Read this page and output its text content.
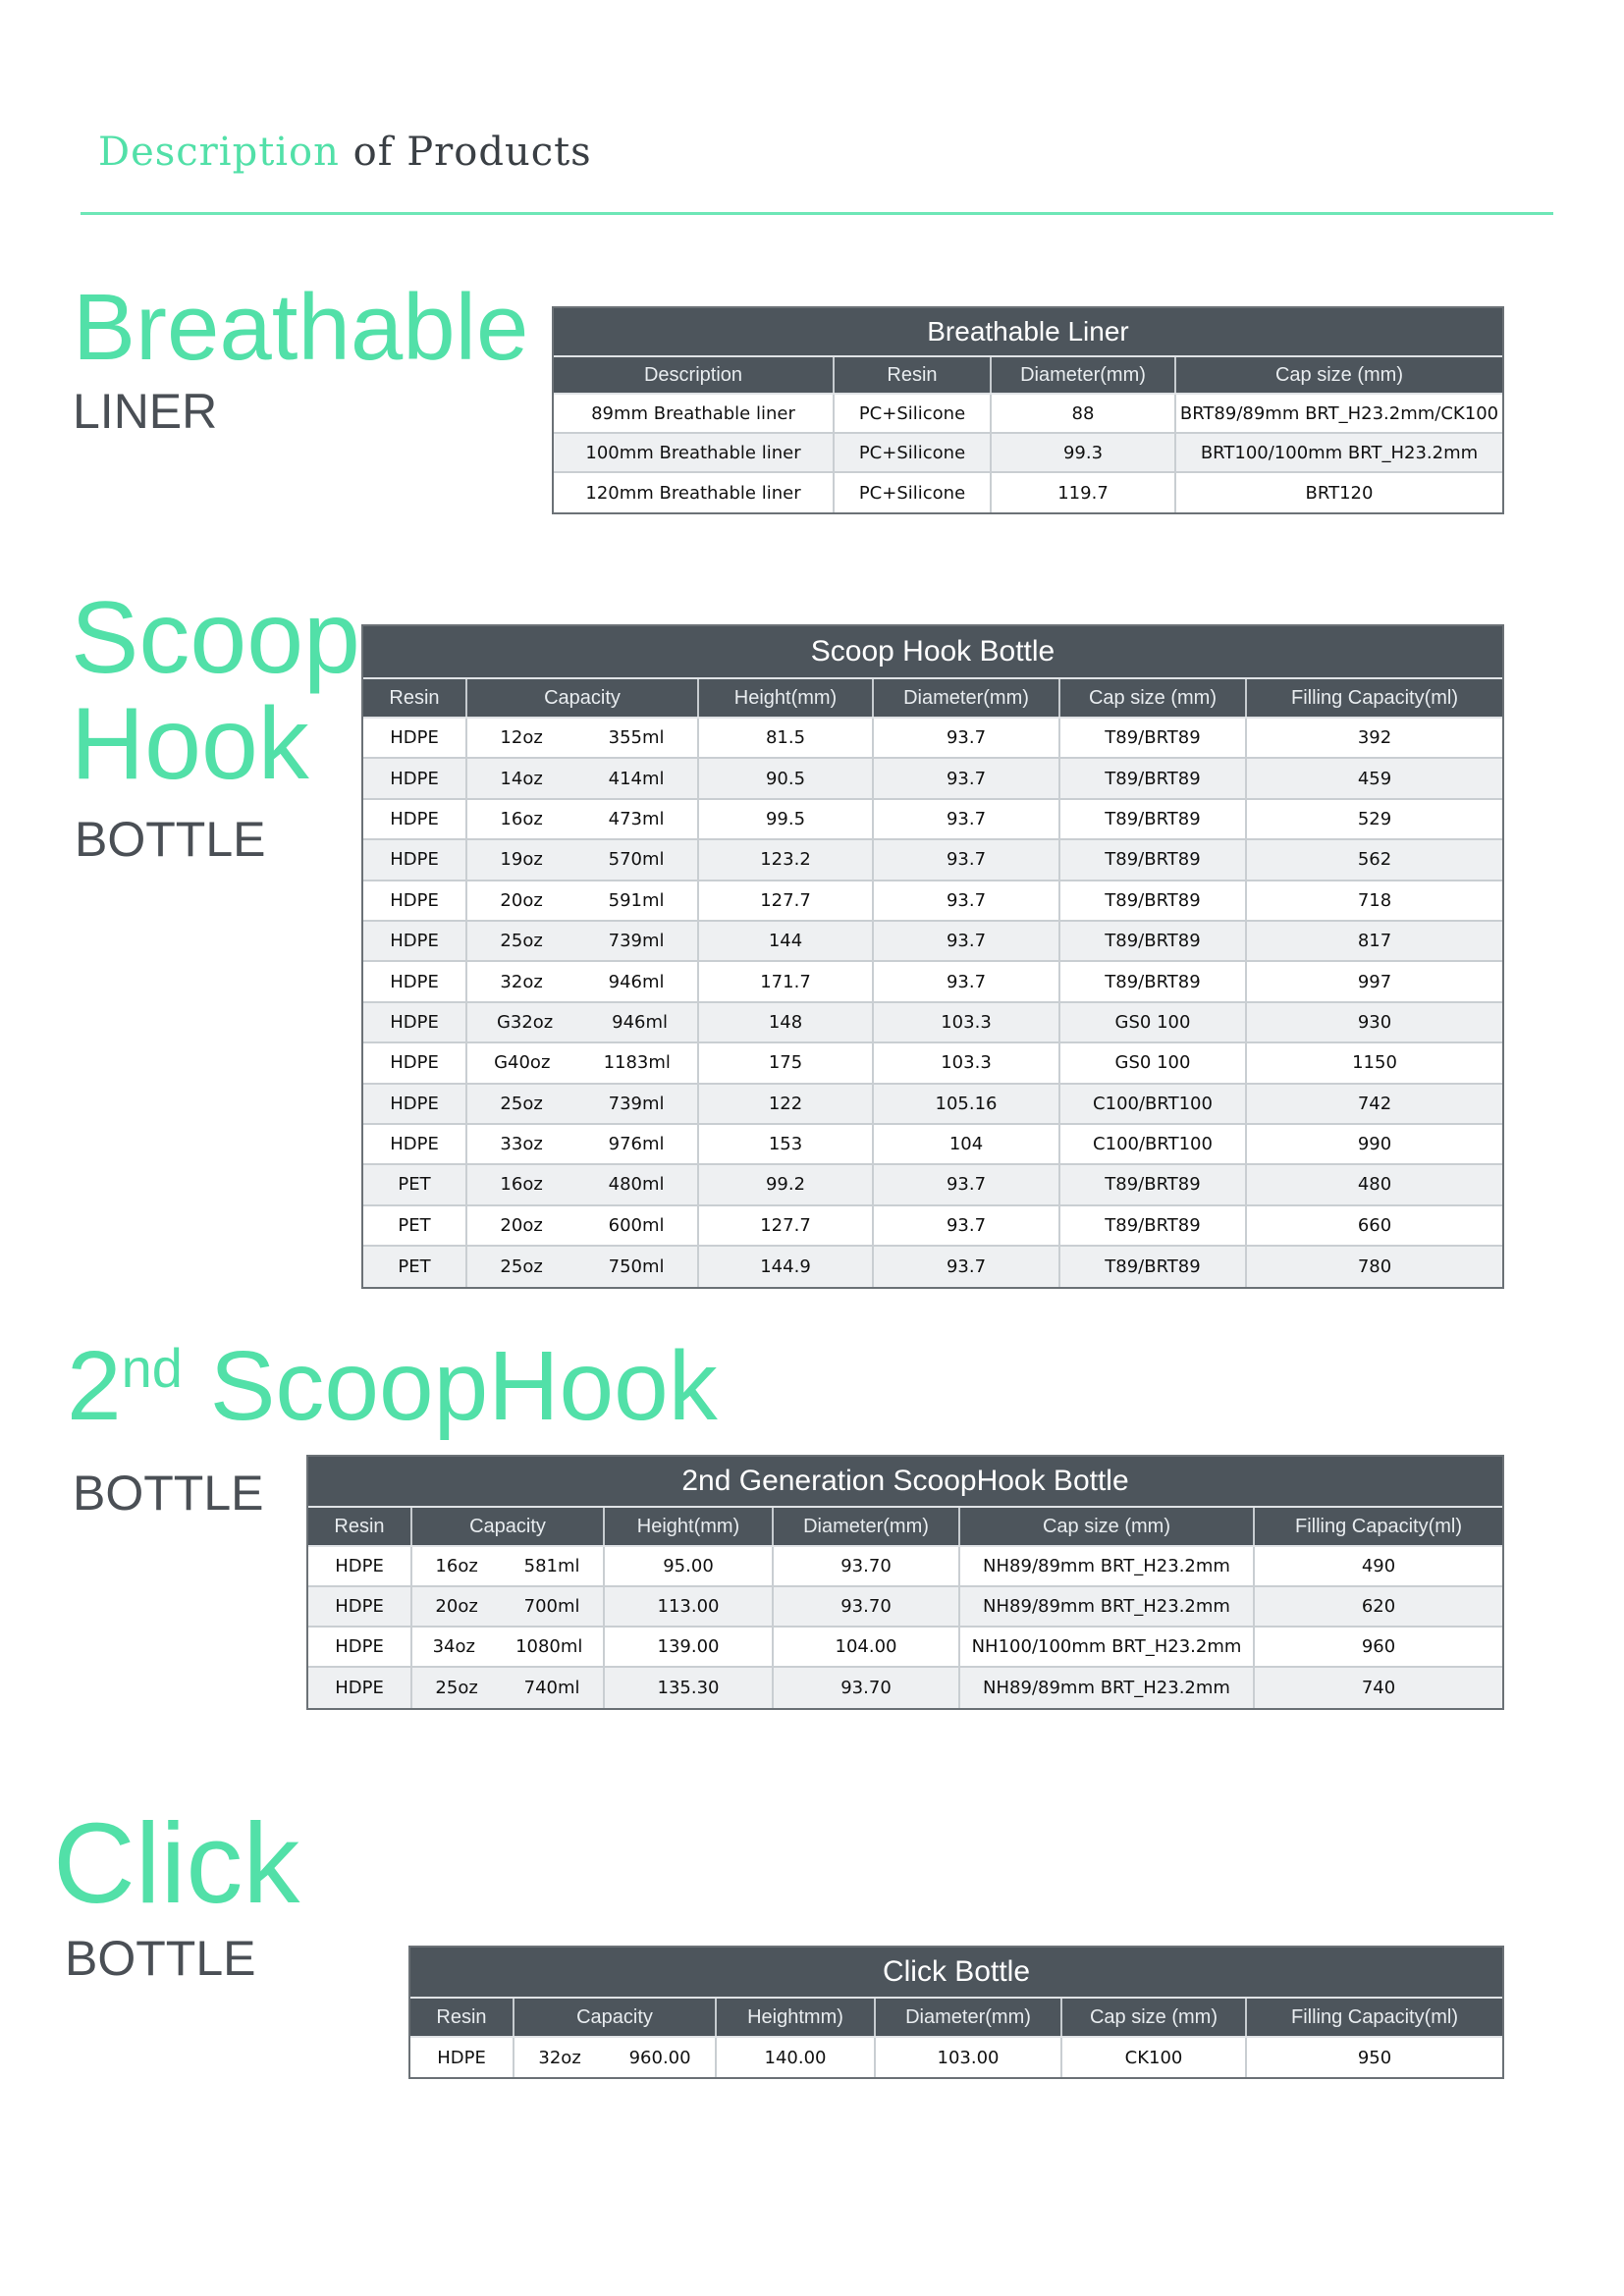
Description of Products
Breathable
LINER
Scoop
Hook
BOTTLE
2nd ScoopHook
BOTTLE
Click
BOTTLE
Breathable Liner
Description	Resin	Diameter(mm)	Cap size (mm)
89mm Breathable liner	PC+Silicone	88	BRT89/89mm BRT_H23.2mm/CK100
100mm Breathable liner	PC+Silicone	99.3	BRT100/100mm BRT_H23.2mm
120mm Breathable liner	PC+Silicone	119.7	BRT120
Scoop Hook Bottle
Resin	Capacity	Height(mm)	Diameter(mm)	Cap size (mm)	Filling Capacity(ml)
HDPE	12oz	355ml	81.5	93.7	T89/BRT89	392
HDPE	14oz	414ml	90.5	93.7	T89/BRT89	459
HDPE	16oz	473ml	99.5	93.7	T89/BRT89	529
HDPE	19oz	570ml	123.2	93.7	T89/BRT89	562
HDPE	20oz	591ml	127.7	93.7	T89/BRT89	718
HDPE	25oz	739ml	144	93.7	T89/BRT89	817
HDPE	32oz	946ml	171.7	93.7	T89/BRT89	997
HDPE	G32oz	946ml	148	103.3	GS0 100	930
HDPE	G40oz	1183ml	175	103.3	GS0 100	1150
HDPE	25oz	739ml	122	105.16	C100/BRT100	742
HDPE	33oz	976ml	153	104	C100/BRT100	990
PET	16oz	480ml	99.2	93.7	T89/BRT89	480
PET	20oz	600ml	127.7	93.7	T89/BRT89	660
PET	25oz	750ml	144.9	93.7	T89/BRT89	780
2nd Generation ScoopHook Bottle
Resin	Capacity	Height(mm)	Diameter(mm)	Cap size (mm)	Filling Capacity(ml)
HDPE	16oz	581ml	95.00	93.70	NH89/89mm BRT_H23.2mm	490
HDPE	20oz	700ml	113.00	93.70	NH89/89mm BRT_H23.2mm	620
HDPE	34oz 1080ml	139.00	104.00	NH100/100mm BRT_H23.2mm	960
HDPE	25oz	740ml	135.30	93.70	NH89/89mm BRT_H23.2mm	740
Click Bottle
Resin	Capacity	Heightmm)	Diameter(mm)	Cap size (mm)	Filling Capacity(ml)
HDPE	32oz	960.00	140.00	103.00	CK100	950
